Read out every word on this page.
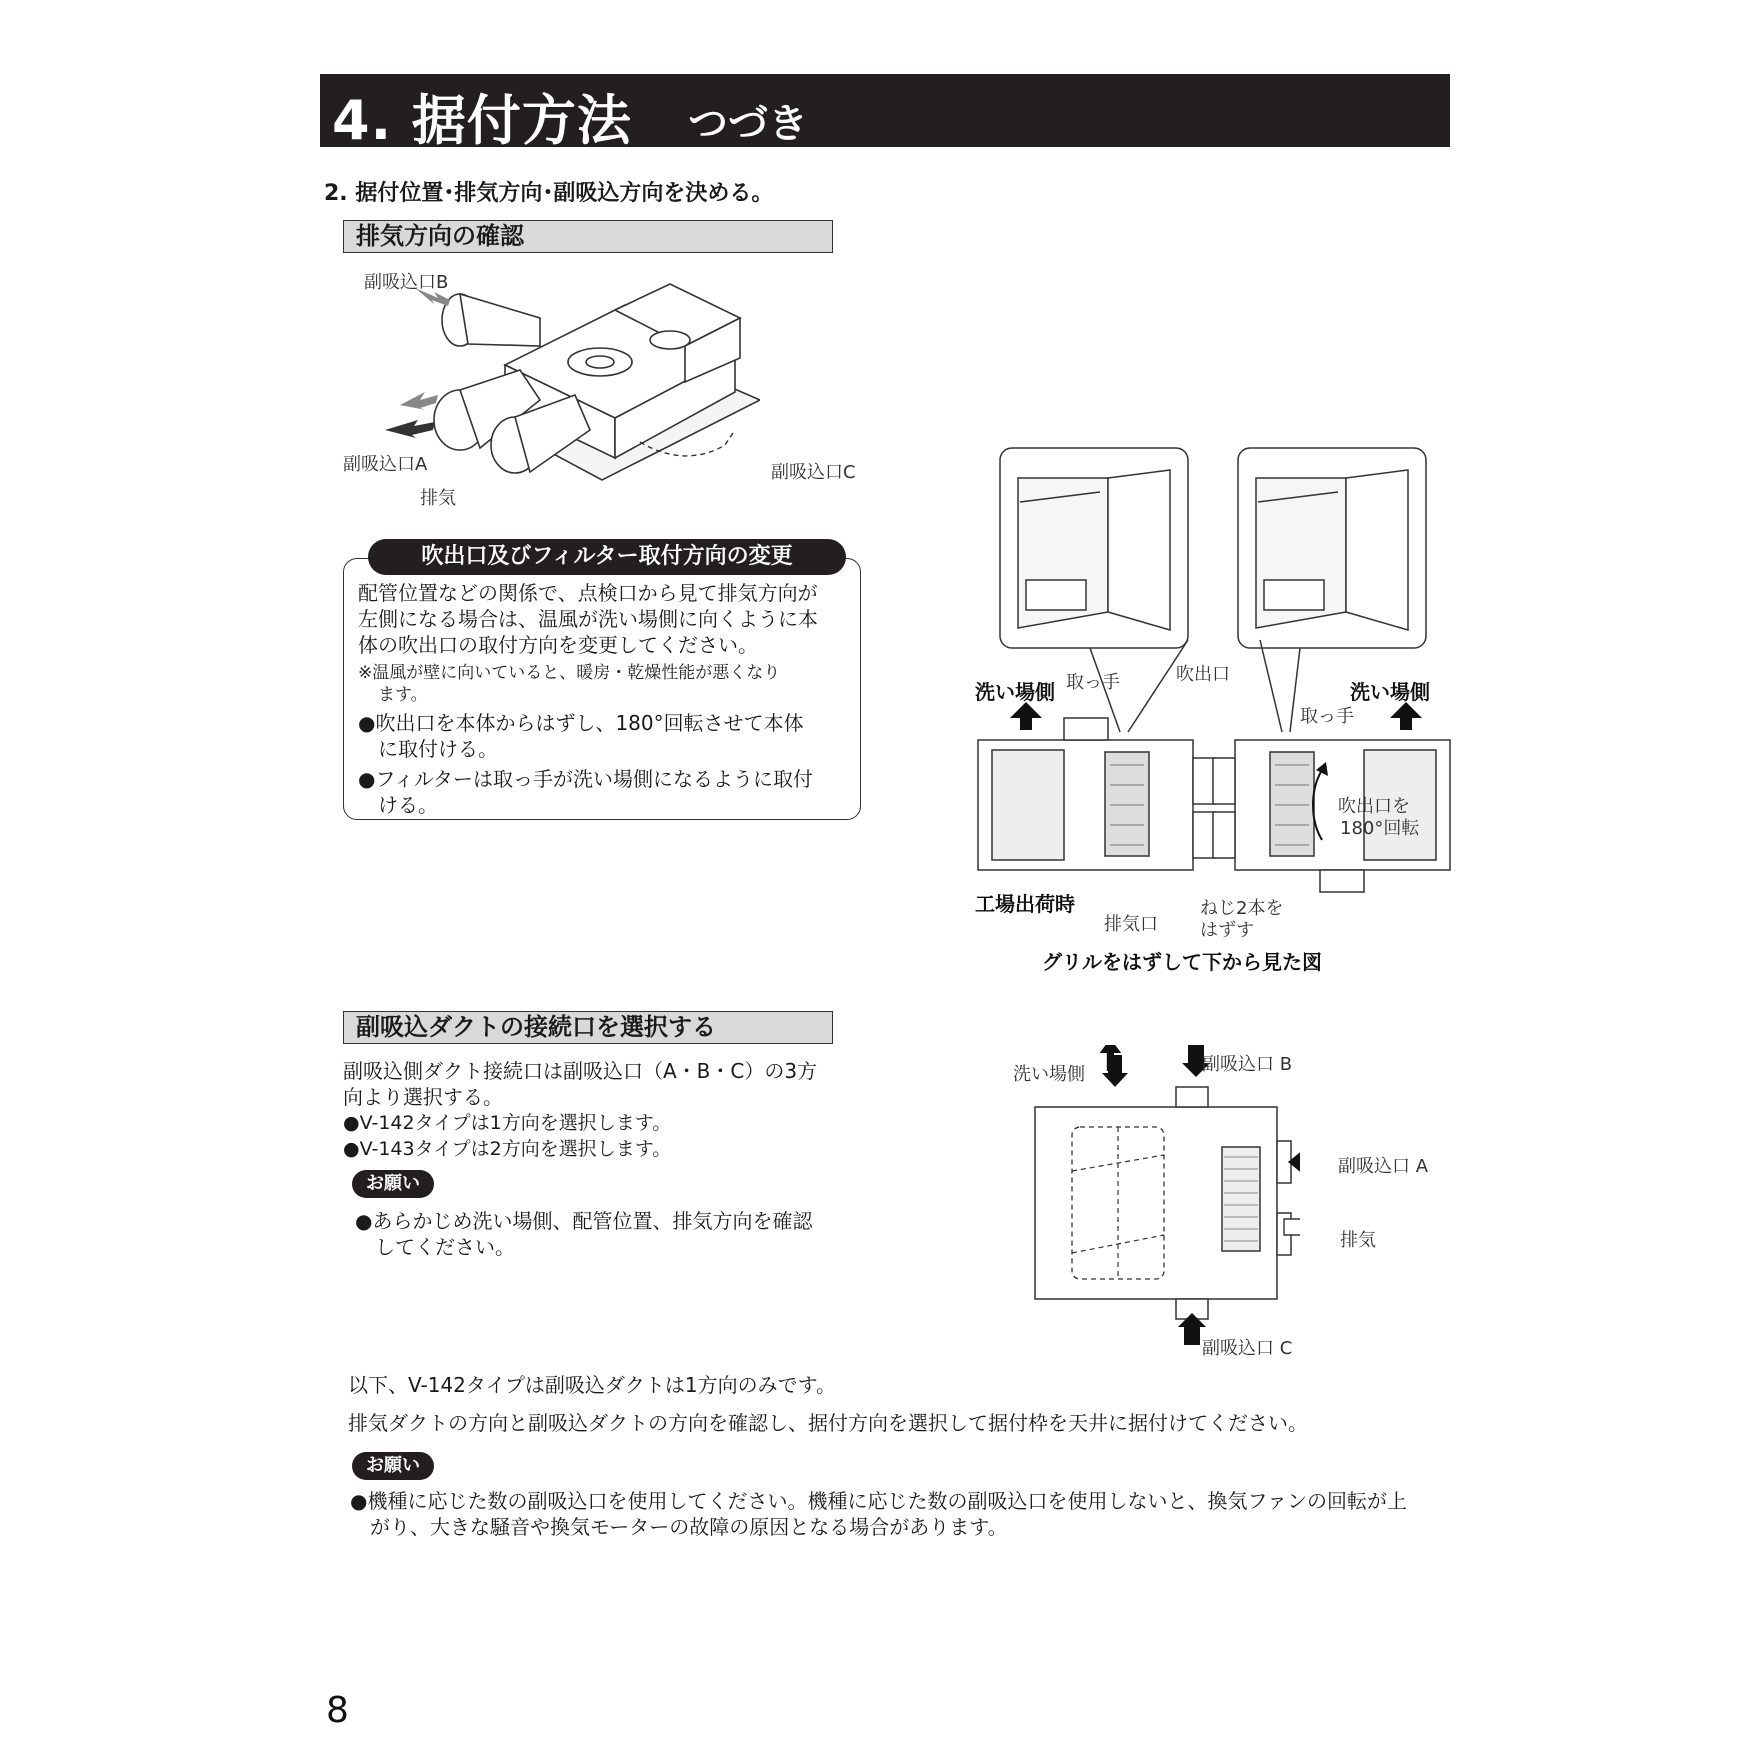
4. 据付方法 つづき
2. 据付位置･排気方向･副吸込方向を決める。
排気方向の確認
副吸込口B
副吸込口A
排気
副吸込口C
吹出口及びフィルター取付方向の変更
配管位置などの関係で、点検口から見て排気方向が
左側になる場合は、温風が洗い場側に向くように本
体の吹出口の取付方向を変更してください。
※温風が壁に向いていると、暖房・乾燥性能が悪くなり
ます。
●吹出口を本体からはずし、180°回転させて本体
に取付ける。
●フィルターは取っ手が洗い場側になるように取付
ける。
洗い場側 取っ手	吹出口
洗い場側
取っ手
吹出口を
180°回転
工場出荷時
排気口
ねじ2本を
はずす
グリルをはずして下から見た図
副吸込ダクトの接続口を選択する
副吸込側ダクト接続口は副吸込口（A・B・C）の3方
向より選択する。
●V-142タイプは1方向を選択します。
●V-143タイプは2方向を選択します。
お願い
●あらかじめ洗い場側、配管位置、排気方向を確認
してください。
洗い場側	副吸込口 B
副吸込口 A
排気
副吸込口 C
以下、V-142タイプは副吸込ダクトは1方向のみです。
排気ダクトの方向と副吸込ダクトの方向を確認し、据付方向を選択して据付枠を天井に据付けてください。
お願い
●機種に応じた数の副吸込口を使用してください。機種に応じた数の副吸込口を使用しないと、換気ファンの回転が上
がり、大きな騒音や換気モーターの故障の原因となる場合があります。
8
